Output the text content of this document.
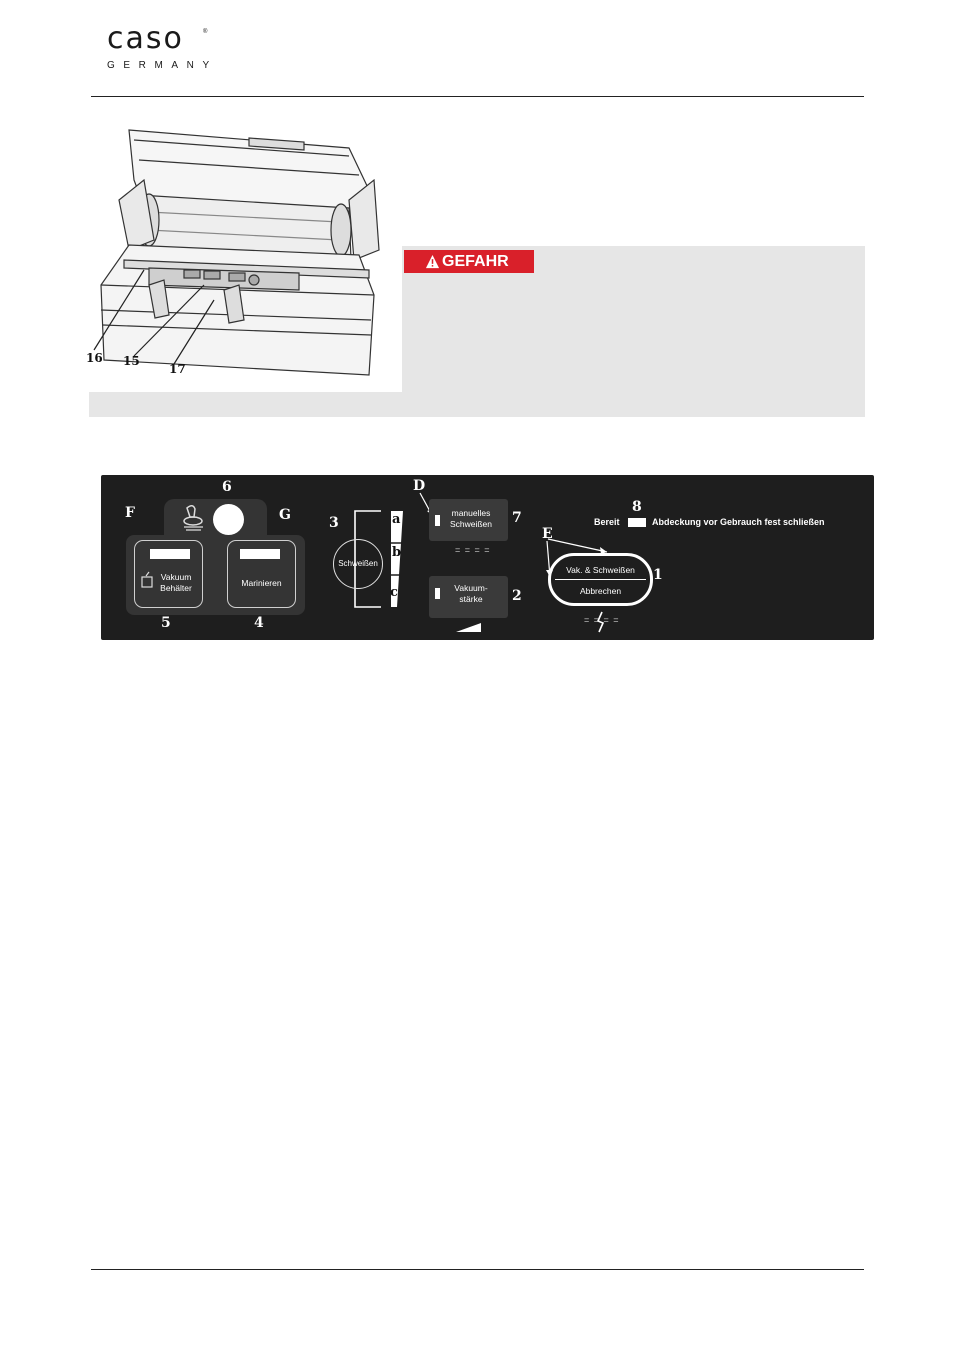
caso	®
GERMANY
16 15
17
GEFAHR
6
F	G
Vakuum
Behälter	Marinieren
5	4
3	a
b
c
Schweißen
D
manuelles
Schweißen	7
= = = =
Vakuum-
stärke	2
E
Vak. & Schweißen
Abbrechen
1
= = = =
8
Bereit	Abdeckung vor Gebrauch fest schließen
